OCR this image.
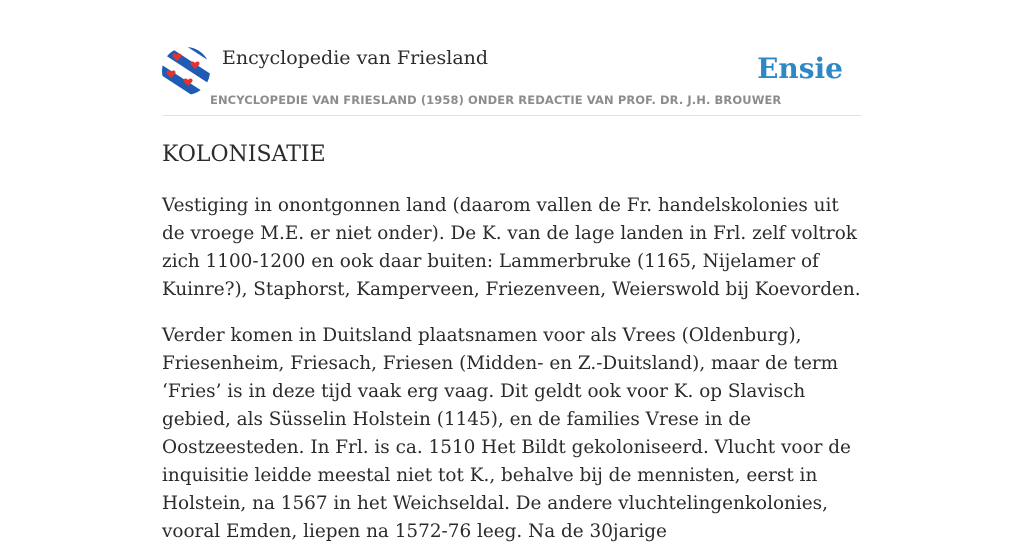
Encyclopedie van Friesland	Ensie
ENCYCLOPEDIE VAN FRIESLAND (1958) ONDER REDACTIE VAN PROF. DR. J.H. BROUWER
KOLONISATIE

Vestiging in onontgonnen land (daarom vallen de Fr. handelskolonies uit de vroege M.E. er niet onder). De K. van de lage landen in Frl. zelf voltrok zich 1100-1200 en ook daar buiten: Lammerbruke (1165, Nijelamer of Kuinre?), Staphorst, Kamperveen, Friezenveen, Weierswold bij Koevorden.

Verder komen in Duitsland plaatsnamen voor als Vrees (Oldenburg), Friesenheim, Friesach, Friesen (Midden- en Z.-Duitsland), maar de term ‘Fries’ is in deze tijd vaak erg vaag. Dit geldt ook voor K. op Slavisch gebied, als Süsselin Holstein (1145), en de families Vrese in de Oostzeesteden. In Frl. is ca. 1510 Het Bildt gekoloniseerd. Vlucht voor de inquisitie leidde meestal niet tot K., behalve bij de mennisten, eerst in Holstein, na 1567 in het Weichseldal. De andere vluchtelingenkolonies, vooral Emden, liepen na 1572-76 leeg. Na de 30jarige
